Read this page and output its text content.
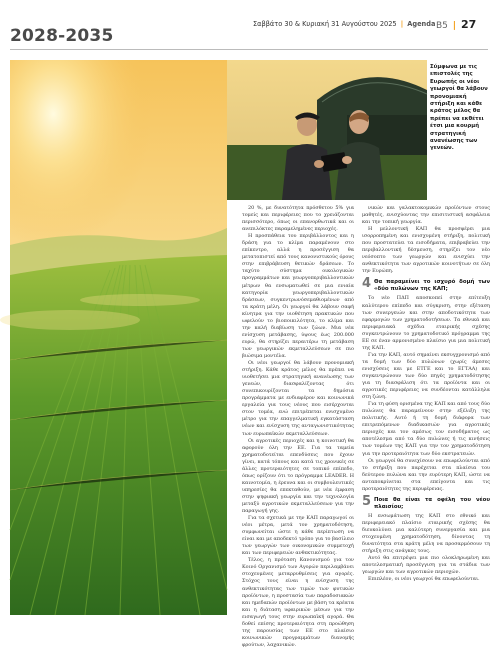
2028-2035
Σαββάτο 30 & Κυριακή 31 Αυγούστου 2025 | Agenda B5 | 27
Σύμφωνα με τις επιστολές της Ευρωπής οι νέοι γεωργοί θα λάβουν προνομιακή στήριξη και κάθε κράτος μέλος θα πρέπει να εκθέτει έτσι μια κουρμή στρατηγική ανανέωσης των γενεών.

20 %, με δυνατότητα πρόσθετου 5% για τομείς και περιφέρειες που το χρειάζονται περισσότερο, όπως οι επανορθωτικά και οι ανεπιλόκτες παραμελημένες περιοχές.

Η προσπάθεια του περιβάλλοντος και η δράση για το κλίμα παραμένουν στο επίκεντρο, αλλά η προσέγγιση θα μετατοπιστεί από τους κανονιστικούς όρους στην επιβράβευση θετικών δράσεων. Το ταχύτο σύστημα οικολογικών προγραμμάτων και γεωργοπεριβαλλοντικών μέτρων θα ενσωματωθεί σε μια ενιαία κατηγορία γεωργοπεριβαλλοντικών δράσεων, συγκεντρωνόσεμαθιομένων από τα κράτη μέλη. Οι γεωργοί θα λάβουν σαφή κίνητρα για την υιοθέτηση πρακτικών που ωφελούν το βιοποικιλότητα, το κλίμα και την καλή διαβίωση των ζώων. Μια νέα ενίσχυση μετάβασης, ύψους έως 200.000 ευρώ, θα στηρίζει περαιτέρω τη μετάβαση των γεωργικών εκμεταλλεύσεων σε πιο βιώσιμα μοντέλα.

Οι νέοι γεωργοί θα λάβουν προνομιακή στήριξη. Κάθε κράτος μέλος θα πρέπει να υιοθετήσει μια στρατηγική ανανέωσης των γενεών, διασφαλίζοντας ότι συνεπικουρίζονται τα δημόσια προγράμματα με ενδιαφέρον και κοινωνικά εργαλεία για τους νέους που εισέρχονται στον τομέα, ενώ επιτρέπεται ενισχυμένο μέτρο για την επαγγελματική εγκατάσταση νέων και ενίσχυση της ανταγωνιστικότητας των ευρωπαϊκών εκμεταλλεύσεων.

Οι αγροτικές περιοχές και η κοινοτική θα αφορούν όλη την ΕΕ. Για τα ταμεία χρηματοδοτείται επενδύσεις που έχουν γίνει, κατά τόπους και κατά τις χρονικές σε άλλες προτεραιότητες σε τοπικό επίπεδο, όπως ορίζουν ότι το πρόγραμμα LEADER. Η καινοτομία, η έρευνα και οι συμβουλευτικές υπηρεσίες θα επεκταθούν, με νέα έμφαση στην ψηφιακή γεωργία και την τεχνολογία μεταξύ αγροτικών εκμεταλλεύσεων για την παραγωγή γης.

Για τα σχετικά με την ΚΑΠ παραγωγοί οι νέοι μέτρα, μετά τον χρηματοδότηση, συμφωνείται ώστε η κάθε περίπτωση να είναι και με αποδεκτό τρόπο για το βασίλειο των γεωργών των οικονομικών συμμετοχή και των περιφερειών ανθεκτικότητας.

Τέλος, η πρόταση Κανονισμού για τον Κοινό Οργανισμό των Αγορών περιλαμβάνει στοχευμένες μεταρρυθμίσεις για αγορές. Στόχος τους είναι η ενίσχυση της ανθεκτικότητας των τιμών των φυτικών προϊόντων, η προστασία των παραδοσιακών και ημεδαπών προϊόντων με βάση τα κρέατα και η διάταση υφαιρικών μέσων για την εισαγωγή τους στην ευρωπαϊκή αγορά. Θα δοθεί επίσης προτεραιότητα στη προώθηση της παρουσίας των ΕΕ στο πλαίσιο κοινωνικών προγραμμάτων διανομής φρούτων, λαχανικών.

νικών και γαλακτοκομικών προϊόντων στους μαθητές, ενισχύοντας την επισιτιστική ασφάλεια και την τοπική γεωργία.

Η μελλοντική ΚΑΠ θα προσφέρει μια ισορροπημένη και ενισχυμένη στήριξη, πολιτική που προστατεύει τα εισοδήματα, επιβραβεύει την περιβαλλοντική δέσμευση, στηρίζει τον νέο νεόσοπτο των γεωργών και ενισχύει την ανθεκτικότητα των αγροτικών κοινοτήτων σε όλη την Ευρώπη.

4 Θα παραμείνει το ισχυρό δομή των «δύο πυλώνων της ΚΑΠ;

Το νέο ΠΔΠ αποσκοπεί στην επίτευξη καλύτερου επίπεδο και σύγκριση, στην εξέταση των συνεργειών και στην αποδοτικότητα των εφαρμογών των χρηματοδοτήσεων. Τα εθνικά και περιφερειακά σχέδια εταιρικής σχέσης συγκεντρώνουν το χρηματοδοτικό πρόγραμμα της ΕΕ σε έναν αρμονισμένο πλαίσιο για μια πολιτική της ΚΑΠ.

Για την ΚΑΠ, αυτό σημαίνει εκσυγχρονισμό από τα δομή των δύο πυλώνων (χωρίς άμεσες ενισχύσεις και με ΕΤΓΕ και το ΕΓΤΑΑ) και συγκεντρώνουν των δύο πηγές χρηματοδότησης για τη διασφάλιση ότι τα προϊόντα και οι αγροτικές περιφέρειες να συνδέονται κατάλληλα στη ζώνη.

Για τη φύση ορισμένα της ΚΑΠ και από τους δύο πυλώνες θα παραμείνουν στην εξέλιξη της πολιτικής. Αυτό ή τη δομή διάφορα των επιτρεπόμενων διαδικασιών για αγροτικές περιοχές και τον αμέσως τον εισοδήματος ως αποτέλεσμα από τα δύο πυλώνες ή τις κινήσεις των τομέων της ΚΑΠ για την τον χρηματοδότηση για την προτεραιότητα των δύο εκστρατειών.

Οι γεωργοί θα συνεχίσουν να επωφελούνται από το στήριξη που παρέχεται στα πλαίσια του δεύτερου πυλώνα και την ευρύτερη ΚΑΠ, ώστε να ανταποκρίνεται στα επείγοντα και τις προτεραιότητες της περιφέρειας.

5 Ποια θα είναι τα οφέλη του νέου πλαισίου;

Η ενσωμάτωση της ΚΑΠ στο εθνικό και περιφερειακό πλαίσιο εταιρικής σχέσης θα διευκολύνει μια καλύτερη συνεργασία και μια στοχευμένη χρηματοδότηση, δίνοντας τη δυνατότητα στα κράτη μέλη να προσαρμόσουν τη στήριξη στις ανάγκες τους.

Αυτό θα επιτρέψει μια πιο ολοκληρωμένη και αποτελεσματική προσέγγιση για τα στάδια των γεωργών και των αγροτικών περιοχών.

Επιπλέον, οι νέοι γεωργοί θα επωφελούνται.
